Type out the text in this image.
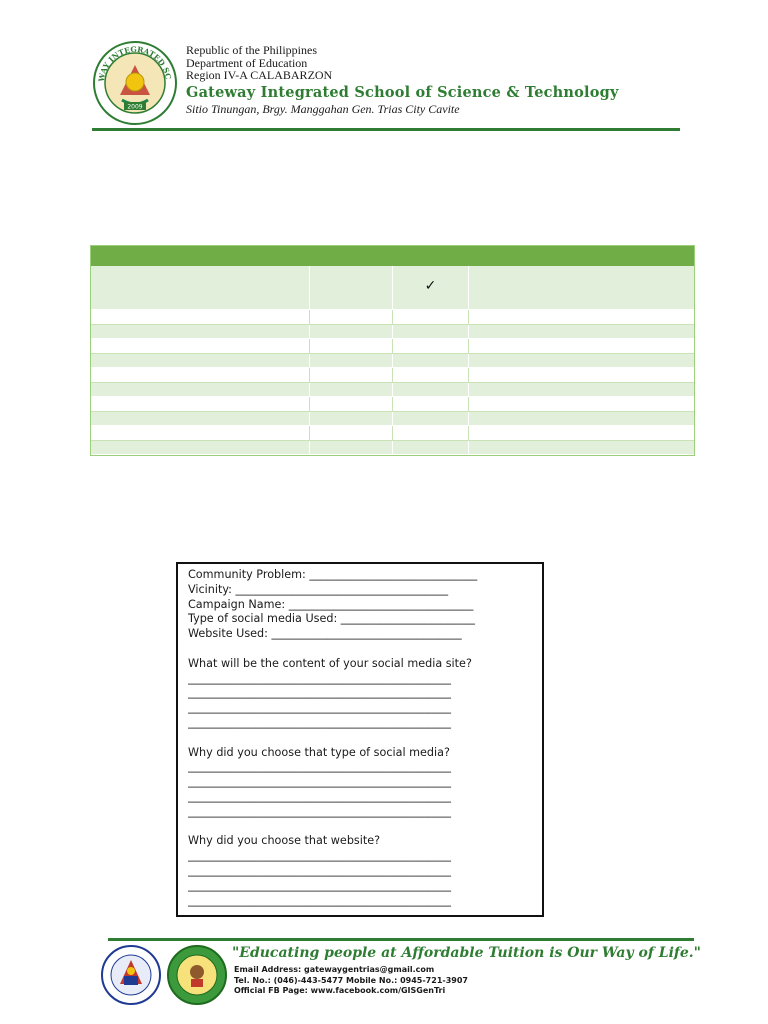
WAY INTEGRATED SC
2009
Republic of the Philippines
Department of Education
Region IV-A CALABARZON
Gateway Integrated School of Science & Technology
Sitio Tinungan, Brgy. Manggahan Gen. Trias City Cavite
✓
Community Problem: ______________________________
Vicinity: ______________________________________
Campaign Name: _________________________________
Type of social media Used: ________________________
Website Used: __________________________________
What will be the content of your social media site?
_______________________________________________
_______________________________________________
_______________________________________________
_______________________________________________
Why did you choose that type of social media?
_______________________________________________
_______________________________________________
_______________________________________________
_______________________________________________
Why did you choose that website?
_______________________________________________
_______________________________________________
_______________________________________________
_______________________________________________
"Educating people at Affordable Tuition is Our Way of Life."
Email Address: gatewaygentrias@gmail.com
Tel. No.: (046)-443-5477 Mobile No.: 0945-721-3907
Official FB Page: www.facebook.com/GISGenTri
